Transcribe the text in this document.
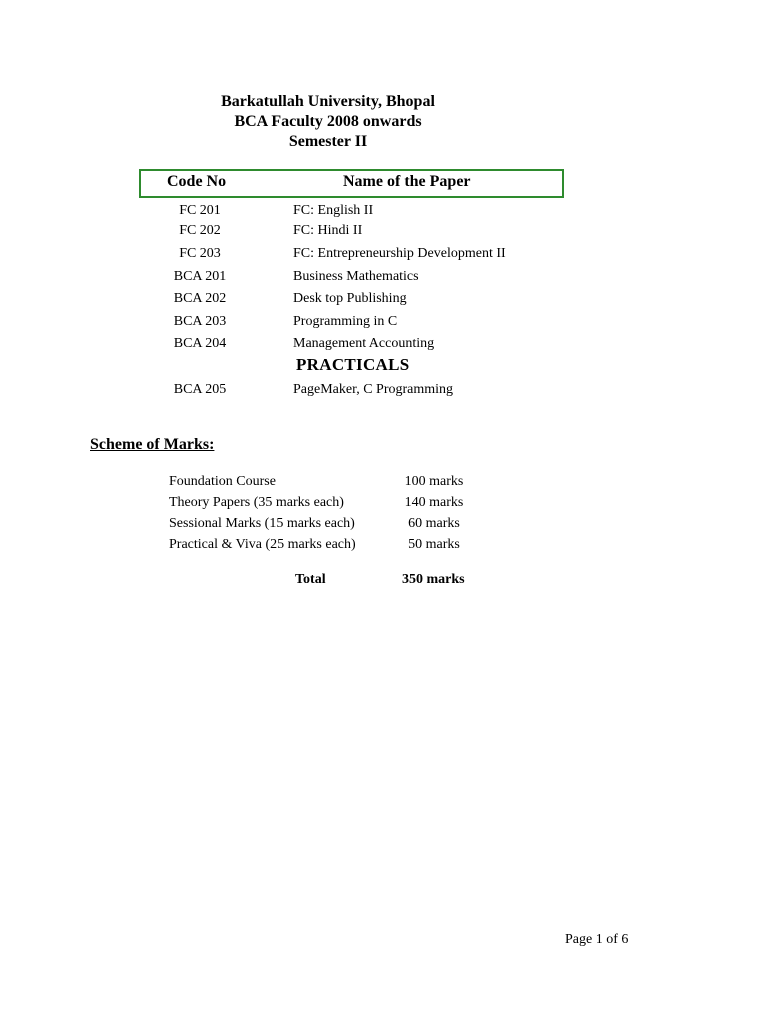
Barkatullah University, Bhopal
BCA Faculty 2008 onwards
Semester II
Code No	Name of the Paper
FC 201	FC: English II
FC 202	FC: Hindi II
FC 203	FC: Entrepreneurship Development II
BCA 201	Business Mathematics
BCA 202	Desk top Publishing
BCA 203	Programming in C
BCA 204	Management Accounting
PRACTICALS
BCA 205	PageMaker, C Programming
Scheme of Marks:
Foundation Course	100 marks
Theory Papers (35 marks each)	140 marks
Sessional Marks (15 marks each)	60 marks
Practical & Viva (25 marks each)	50 marks
Total	350 marks
Page 1 of 6
